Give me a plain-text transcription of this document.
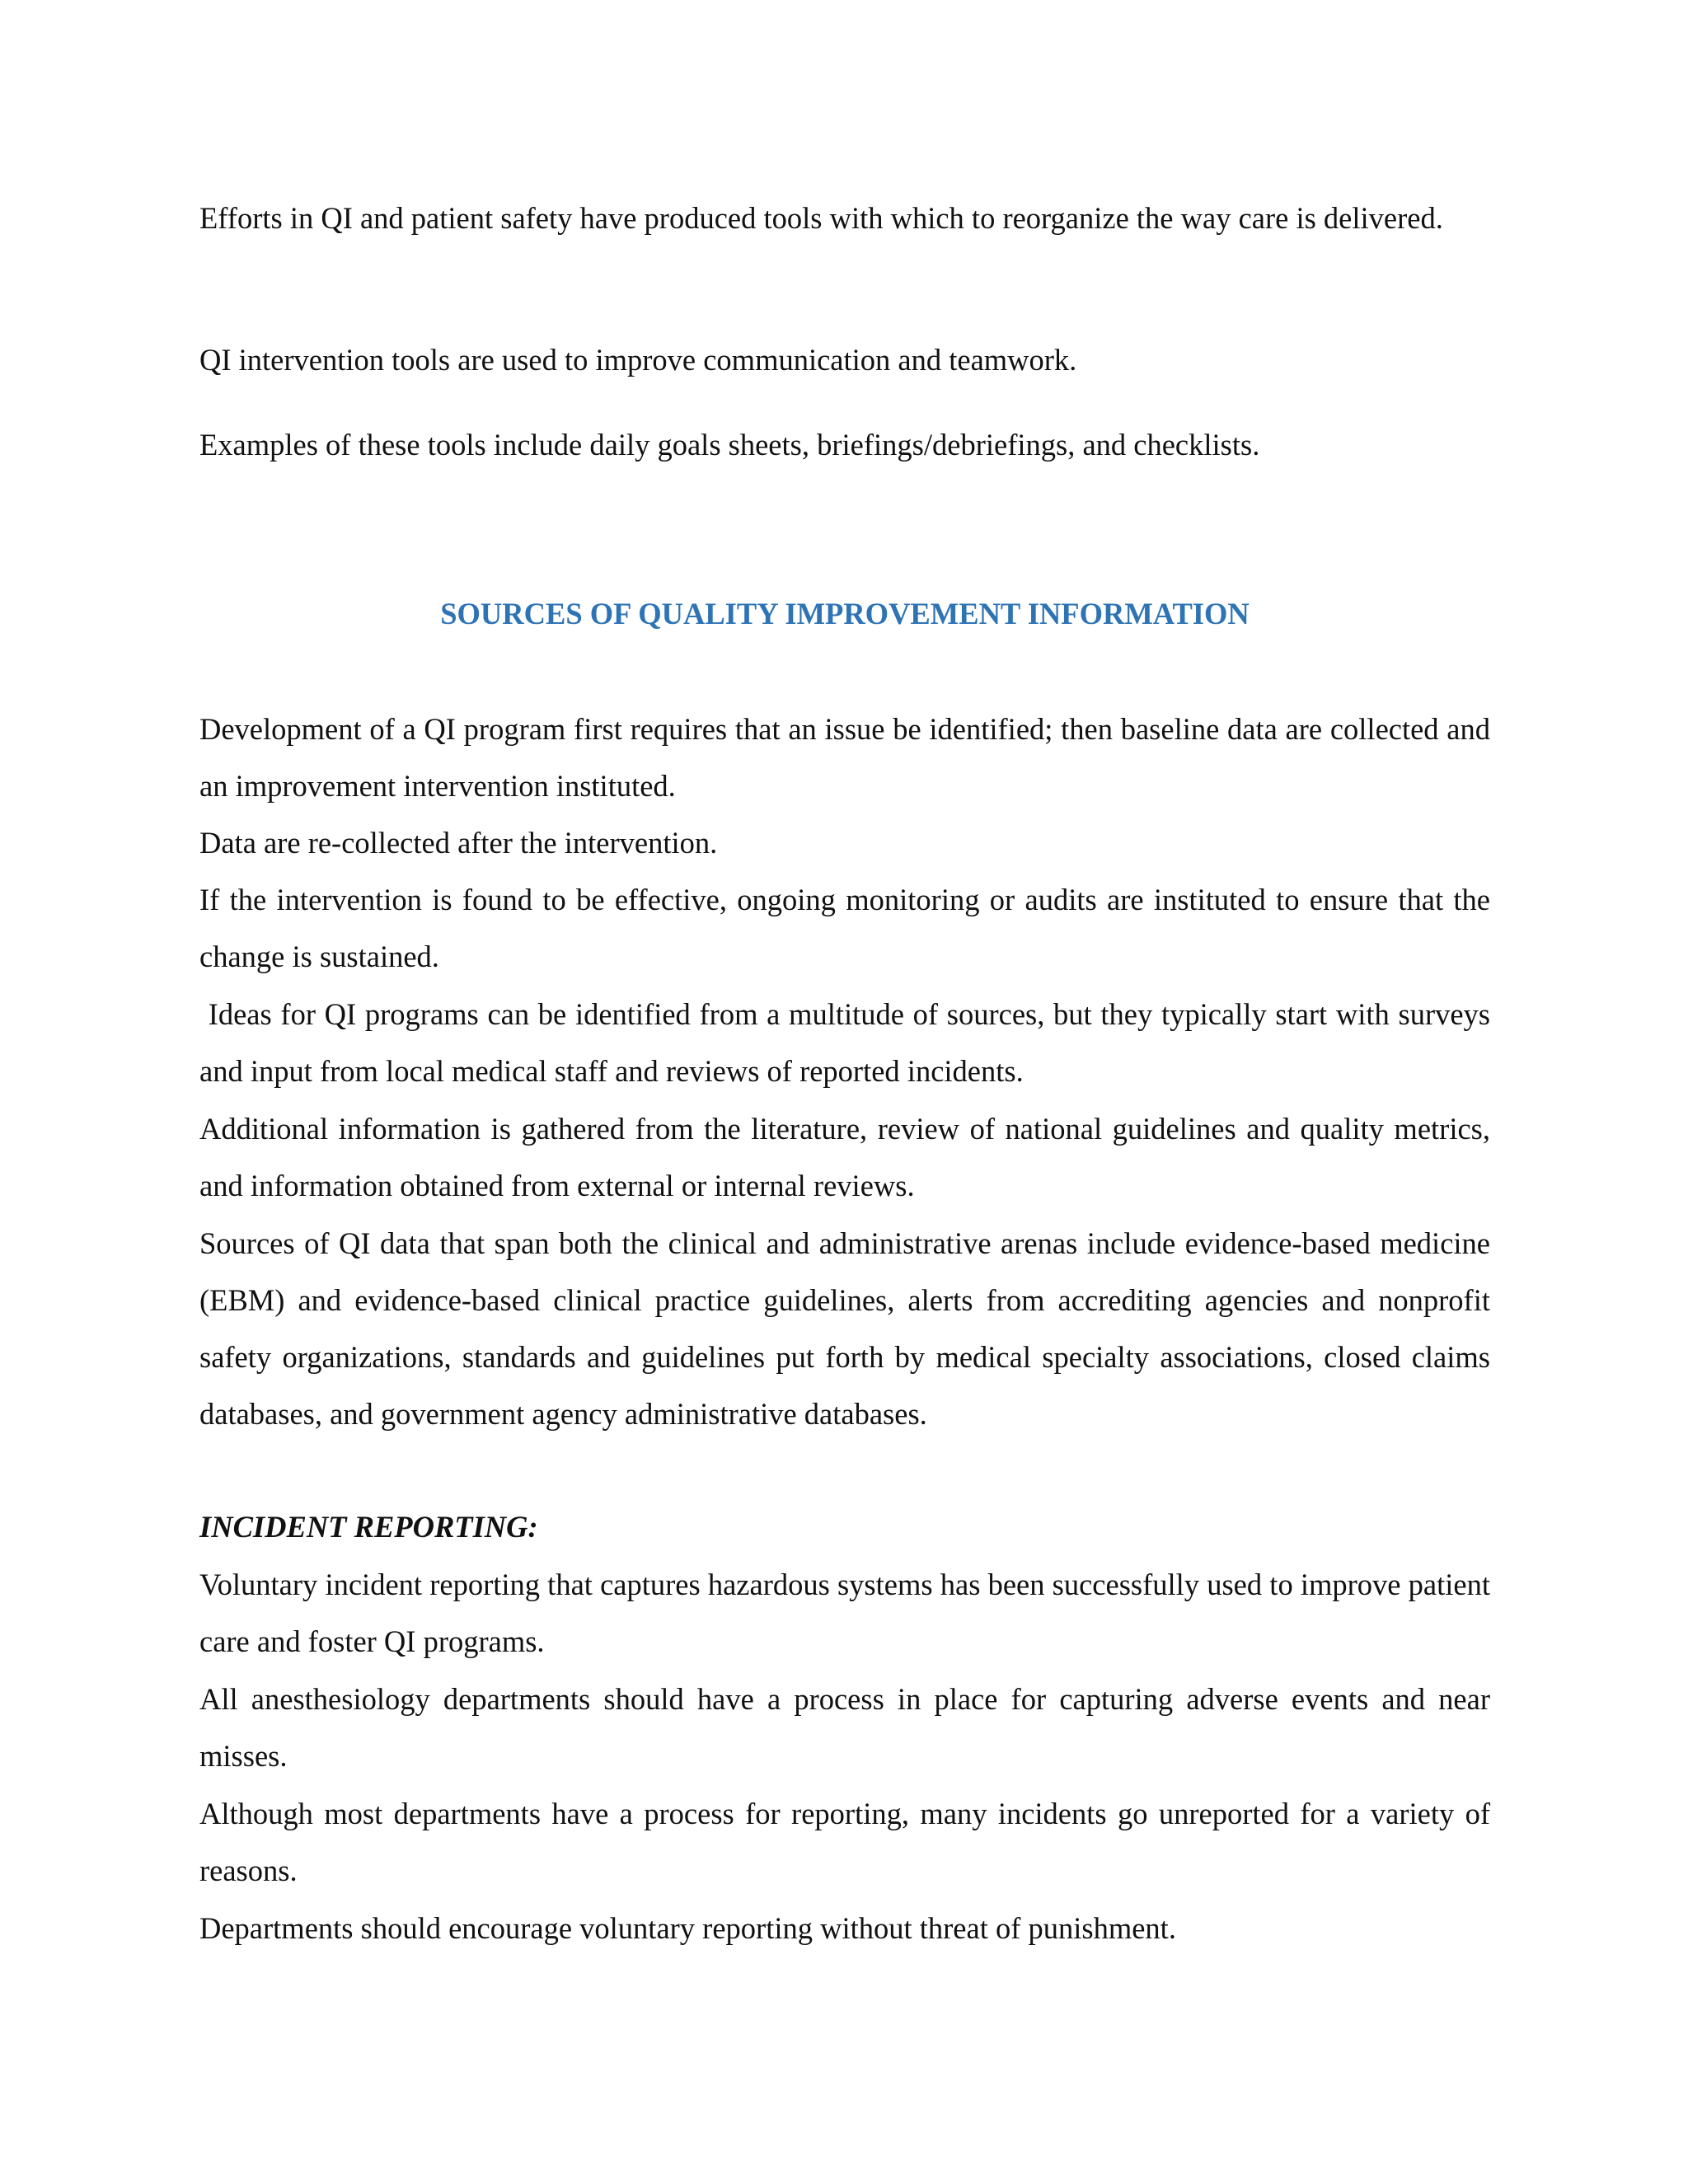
Efforts in QI and patient safety have produced tools with which to reorganize the way care is delivered.

QI intervention tools are used to improve communication and teamwork.

Examples of these tools include daily goals sheets, briefings/debriefings, and checklists.

SOURCES OF QUALITY IMPROVEMENT INFORMATION

Development of a QI program first requires that an issue be identified; then baseline data are collected and an improvement intervention instituted.

Data are re-collected after the intervention.

If the intervention is found to be effective, ongoing monitoring or audits are instituted to ensure that the change is sustained.

Ideas for QI programs can be identified from a multitude of sources, but they typically start with surveys and input from local medical staff and reviews of reported incidents.

Additional information is gathered from the literature, review of national guidelines and quality metrics, and information obtained from external or internal reviews.

Sources of QI data that span both the clinical and administrative arenas include evidence-based medicine (EBM) and evidence-based clinical practice guidelines, alerts from accrediting agencies and nonprofit safety organizations, standards and guidelines put forth by medical specialty associations, closed claims databases, and government agency administrative databases.

INCIDENT REPORTING:

Voluntary incident reporting that captures hazardous systems has been successfully used to improve patient care and foster QI programs.

All anesthesiology departments should have a process in place for capturing adverse events and near misses.

Although most departments have a process for reporting, many incidents go unreported for a variety of reasons.

Departments should encourage voluntary reporting without threat of punishment.
